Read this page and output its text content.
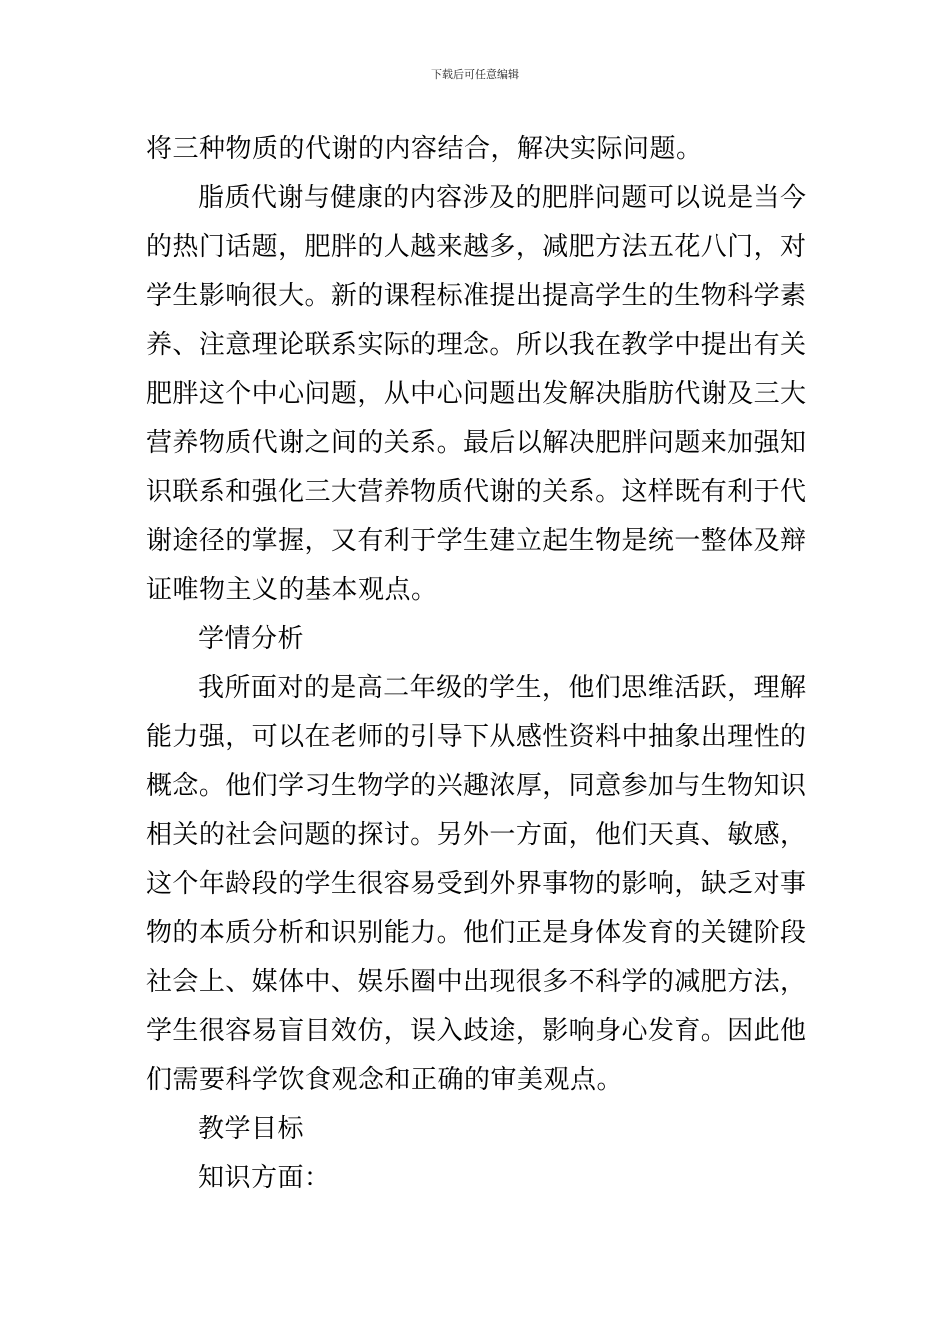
下载后可任意编辑
将三种物质的代谢的内容结合，解决实际问题。
脂质代谢与健康的内容涉及的肥胖问题可以说是当今
的热门话题，肥胖的人越来越多，减肥方法五花八门，对
学生影响很大。新的课程标准提出提高学生的生物科学素
养、注意理论联系实际的理念。所以我在教学中提出有关
肥胖这个中心问题，从中心问题出发解决脂肪代谢及三大
营养物质代谢之间的关系。最后以解决肥胖问题来加强知
识联系和强化三大营养物质代谢的关系。这样既有利于代
谢途径的掌握，又有利于学生建立起生物是统一整体及辩
证唯物主义的基本观点。
学情分析
我所面对的是高二年级的学生，他们思维活跃，理解
能力强，可以在老师的引导下从感性资料中抽象出理性的
概念。他们学习生物学的兴趣浓厚，同意参加与生物知识
相关的社会问题的探讨。另外一方面，他们天真、敏感，
这个年龄段的学生很容易受到外界事物的影响，缺乏对事
物的本质分析和识别能力。他们正是身体发育的关键阶段
社会上、媒体中、娱乐圈中出现很多不科学的减肥方法，
学生很容易盲目效仿，误入歧途，影响身心发育。因此他
们需要科学饮食观念和正确的审美观点。
教学目标
知识方面：
